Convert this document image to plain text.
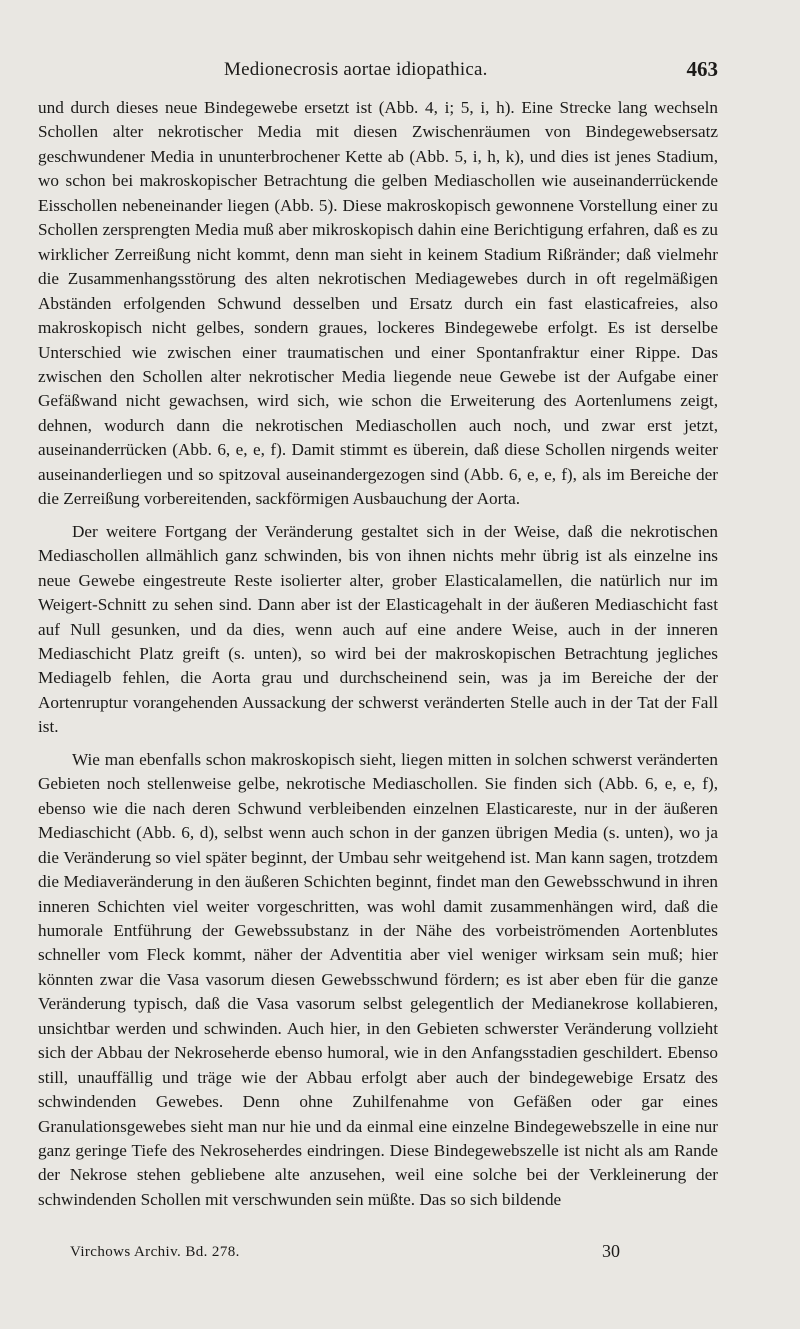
Medionecrosis aortae idiopathica.	463

und durch dieses neue Bindegewebe ersetzt ist (Abb. 4, i; 5, i, h). Eine Strecke lang wechseln Schollen alter nekrotischer Media mit diesen Zwischenräumen von Bindegewebsersatz geschwundener Media in ununterbrochener Kette ab (Abb. 5, i, h, k), und dies ist jenes Stadium, wo schon bei makroskopischer Betrachtung die gelben Mediaschollen wie auseinanderrückende Eisschollen nebeneinander liegen (Abb. 5). Diese makroskopisch gewonnene Vorstellung einer zu Schollen zersprengten Media muß aber mikroskopisch dahin eine Berichtigung erfahren, daß es zu wirklicher Zerreißung nicht kommt, denn man sieht in keinem Stadium Rißränder; daß vielmehr die Zusammenhangsstörung des alten nekrotischen Mediagewebes durch in oft regelmäßigen Abständen erfolgenden Schwund desselben und Ersatz durch ein fast elasticafreies, also makroskopisch nicht gelbes, sondern graues, lockeres Bindegewebe erfolgt. Es ist derselbe Unterschied wie zwischen einer traumatischen und einer Spontanfraktur einer Rippe. Das zwischen den Schollen alter nekrotischer Media liegende neue Gewebe ist der Aufgabe einer Gefäßwand nicht gewachsen, wird sich, wie schon die Erweiterung des Aortenlumens zeigt, dehnen, wodurch dann die nekrotischen Mediaschollen auch noch, und zwar erst jetzt, auseinanderrücken (Abb. 6, e, e, f). Damit stimmt es überein, daß diese Schollen nirgends weiter auseinanderliegen und so spitzoval auseinandergezogen sind (Abb. 6, e, e, f), als im Bereiche der die Zerreißung vorbereitenden, sackförmigen Ausbauchung der Aorta.

Der weitere Fortgang der Veränderung gestaltet sich in der Weise, daß die nekrotischen Mediaschollen allmählich ganz schwinden, bis von ihnen nichts mehr übrig ist als einzelne ins neue Gewebe eingestreute Reste isolierter alter, grober Elasticalamellen, die natürlich nur im Weigert-Schnitt zu sehen sind. Dann aber ist der Elasticagehalt in der äußeren Mediaschicht fast auf Null gesunken, und da dies, wenn auch auf eine andere Weise, auch in der inneren Mediaschicht Platz greift (s. unten), so wird bei der makroskopischen Betrachtung jegliches Mediagelb fehlen, die Aorta grau und durchscheinend sein, was ja im Bereiche der der Aortenruptur vorangehenden Aussackung der schwerst veränderten Stelle auch in der Tat der Fall ist.

Wie man ebenfalls schon makroskopisch sieht, liegen mitten in solchen schwerst veränderten Gebieten noch stellenweise gelbe, nekrotische Mediaschollen. Sie finden sich (Abb. 6, e, e, f), ebenso wie die nach deren Schwund verbleibenden einzelnen Elasticareste, nur in der äußeren Mediaschicht (Abb. 6, d), selbst wenn auch schon in der ganzen übrigen Media (s. unten), wo ja die Veränderung so viel später beginnt, der Umbau sehr weitgehend ist. Man kann sagen, trotzdem die Mediaveränderung in den äußeren Schichten beginnt, findet man den Gewebsschwund in ihren inneren Schichten viel weiter vorgeschritten, was wohl damit zusammenhängen wird, daß die humorale Entführung der Gewebssubstanz in der Nähe des vorbeiströmenden Aortenblutes schneller vom Fleck kommt, näher der Adventitia aber viel weniger wirksam sein muß; hier könnten zwar die Vasa vasorum diesen Gewebsschwund fördern; es ist aber eben für die ganze Veränderung typisch, daß die Vasa vasorum selbst gelegentlich der Medianekrose kollabieren, unsichtbar werden und schwinden. Auch hier, in den Gebieten schwerster Veränderung vollzieht sich der Abbau der Nekroseherde ebenso humoral, wie in den Anfangsstadien geschildert. Ebenso still, unauffällig und träge wie der Abbau erfolgt aber auch der bindegewebige Ersatz des schwindenden Gewebes. Denn ohne Zuhilfenahme von Gefäßen oder gar eines Granulationsgewebes sieht man nur hie und da einmal eine einzelne Bindegewebszelle in eine nur ganz geringe Tiefe des Nekroseherdes eindringen. Diese Bindegewebszelle ist nicht als am Rande der Nekrose stehen gebliebene alte anzusehen, weil eine solche bei der Verkleinerung der schwindenden Schollen mit verschwunden sein müßte. Das so sich bildende

Virchows Archiv. Bd. 278.	30
